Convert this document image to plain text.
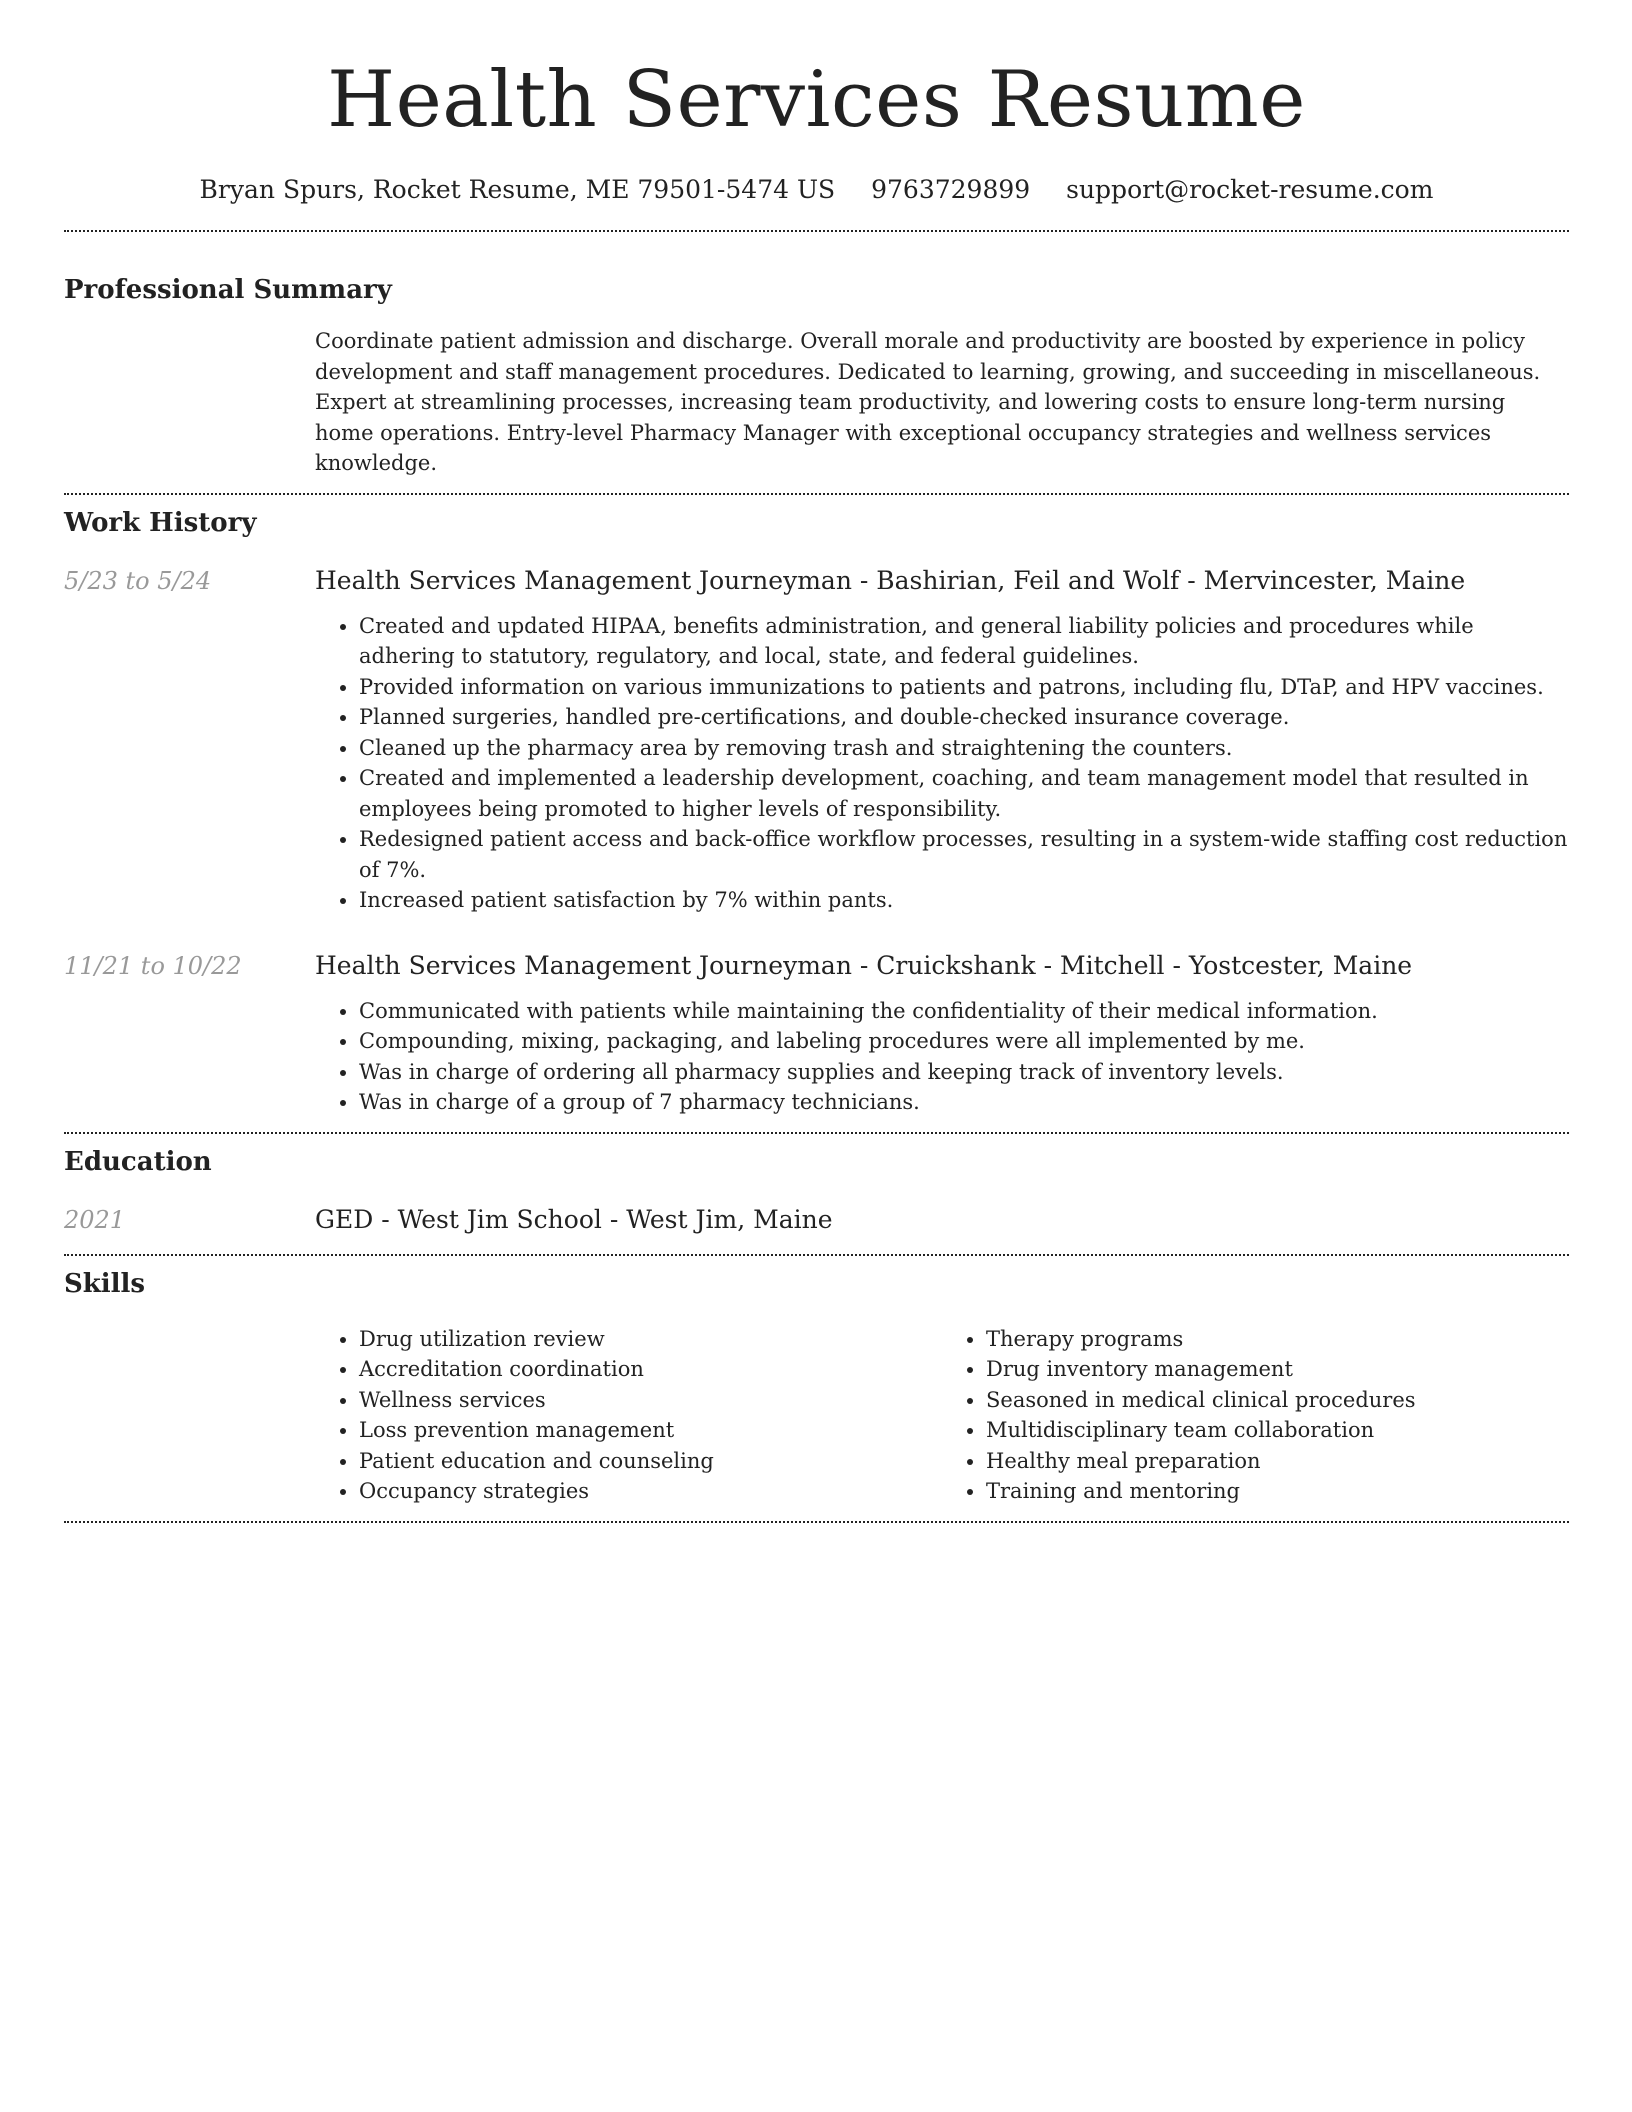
Health Services Resume
Bryan Spurs, Rocket Resume, ME 79501-5474 US 9763729899 support@rocket-resume.com
Professional Summary
Coordinate patient admission and discharge. Overall morale and productivity are boosted by experience in policy development and staff management procedures. Dedicated to learning, growing, and succeeding in miscellaneous. Expert at streamlining processes, increasing team productivity, and lowering costs to ensure long-term nursing home operations. Entry-level Pharmacy Manager with exceptional occupancy strategies and wellness services knowledge.
Work History
5/23 to 5/24	Health Services Management Journeyman - Bashirian, Feil and Wolf - Mervincester, Maine
• Created and updated HIPAA, benefits administration, and general liability policies and procedures while adhering to statutory, regulatory, and local, state, and federal guidelines.
• Provided information on various immunizations to patients and patrons, including flu, DTaP, and HPV vaccines.
• Planned surgeries, handled pre-certifications, and double-checked insurance coverage.
• Cleaned up the pharmacy area by removing trash and straightening the counters.
• Created and implemented a leadership development, coaching, and team management model that resulted in employees being promoted to higher levels of responsibility.
• Redesigned patient access and back-office workflow processes, resulting in a system-wide staffing cost reduction of 7%.
• Increased patient satisfaction by 7% within pants.
11/21 to 10/22	Health Services Management Journeyman - Cruickshank - Mitchell - Yostcester, Maine
• Communicated with patients while maintaining the confidentiality of their medical information.
• Compounding, mixing, packaging, and labeling procedures were all implemented by me.
• Was in charge of ordering all pharmacy supplies and keeping track of inventory levels.
• Was in charge of a group of 7 pharmacy technicians.
Education
2021	GED - West Jim School - West Jim, Maine
Skills
• Drug utilization review
• Accreditation coordination
• Wellness services
• Loss prevention management
• Patient education and counseling
• Occupancy strategies
• Therapy programs
• Drug inventory management
• Seasoned in medical clinical procedures
• Multidisciplinary team collaboration
• Healthy meal preparation
• Training and mentoring
